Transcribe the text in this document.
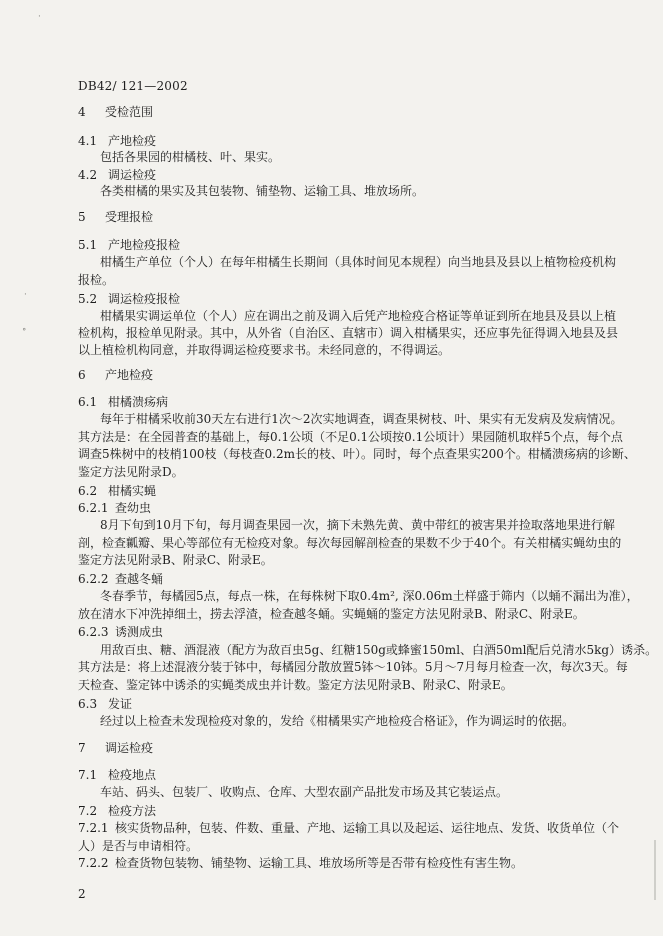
·
·
∘
DB42/ 121—2002
4 受检范围
4.1 产地检疫
包括各果园的柑橘枝、叶、果实。
4.2 调运检疫
各类柑橘的果实及其包装物、铺垫物、运输工具、堆放场所。
5 受理报检
5.1 产地检疫报检
柑橘生产单位（个人）在每年柑橘生长期间（具体时间见本规程）向当地县及县以上植物检疫机构
报检。
5.2 调运检疫报检
柑橘果实调运单位（个人）应在调出之前及调入后凭产地检疫合格证等单证到所在地县及县以上植
检机构，报检单见附录。其中，从外省（自治区、直辖市）调入柑橘果实，还应事先征得调入地县及县
以上植检机构同意，并取得调运检疫要求书。未经同意的，不得调运。
6 产地检疫
6.1 柑橘溃疡病
每年于柑橘采收前30天左右进行1次～2次实地调查，调查果树枝、叶、果实有无发病及发病情况。
其方法是：在全园普查的基础上，每0.1公顷（不足0.1公顷按0.1公顷计）果园随机取样5个点，每个点
调查5株树中的枝梢100枝（每枝查0.2m长的枝、叶）。同时，每个点查果实200个。柑橘溃疡病的诊断、
鉴定方法见附录D。
6.2 柑橘实蝇
6.2.1 查幼虫
8月下旬到10月下旬，每月调查果园一次，摘下未熟先黄、黄中带红的被害果并捡取落地果进行解
剖，检查瓤瓣、果心等部位有无检疫对象。每次每园解剖检查的果数不少于40个。有关柑橘实蝇幼虫的
鉴定方法见附录B、附录C、附录E。
6.2.2 查越冬蛹
冬春季节，每橘园5点，每点一株，在每株树下取0.4m², 深0.06m土样盛于筛内（以蛹不漏出为准），
放在清水下冲洗掉细土，捞去浮渣，检查越冬蛹。实蝇蛹的鉴定方法见附录B、附录C、附录E。
6.2.3 诱测成虫
用敌百虫、糖、酒混液（配方为敌百虫5g、红糖150g或蜂蜜150ml、白酒50ml配后兑清水5kg）诱杀。
其方法是：将上述混液分装于钵中，每橘园分散放置5钵～10钵。5月～7月每月检查一次，每次3天。每
天检查、鉴定钵中诱杀的实蝇类成虫并计数。鉴定方法见附录B、附录C、附录E。
6.3 发证
经过以上检查未发现检疫对象的，发给《柑橘果实产地检疫合格证》，作为调运时的依据。
7 调运检疫
7.1 检疫地点
车站、码头、包装厂、收购点、仓库、大型农副产品批发市场及其它装运点。
7.2 检疫方法
7.2.1 核实货物品种，包装、件数、重量、产地、运输工具以及起运、运往地点、发货、收货单位（个
人）是否与申请相符。
7.2.2 检查货物包装物、铺垫物、运输工具、堆放场所等是否带有检疫性有害生物。
2
